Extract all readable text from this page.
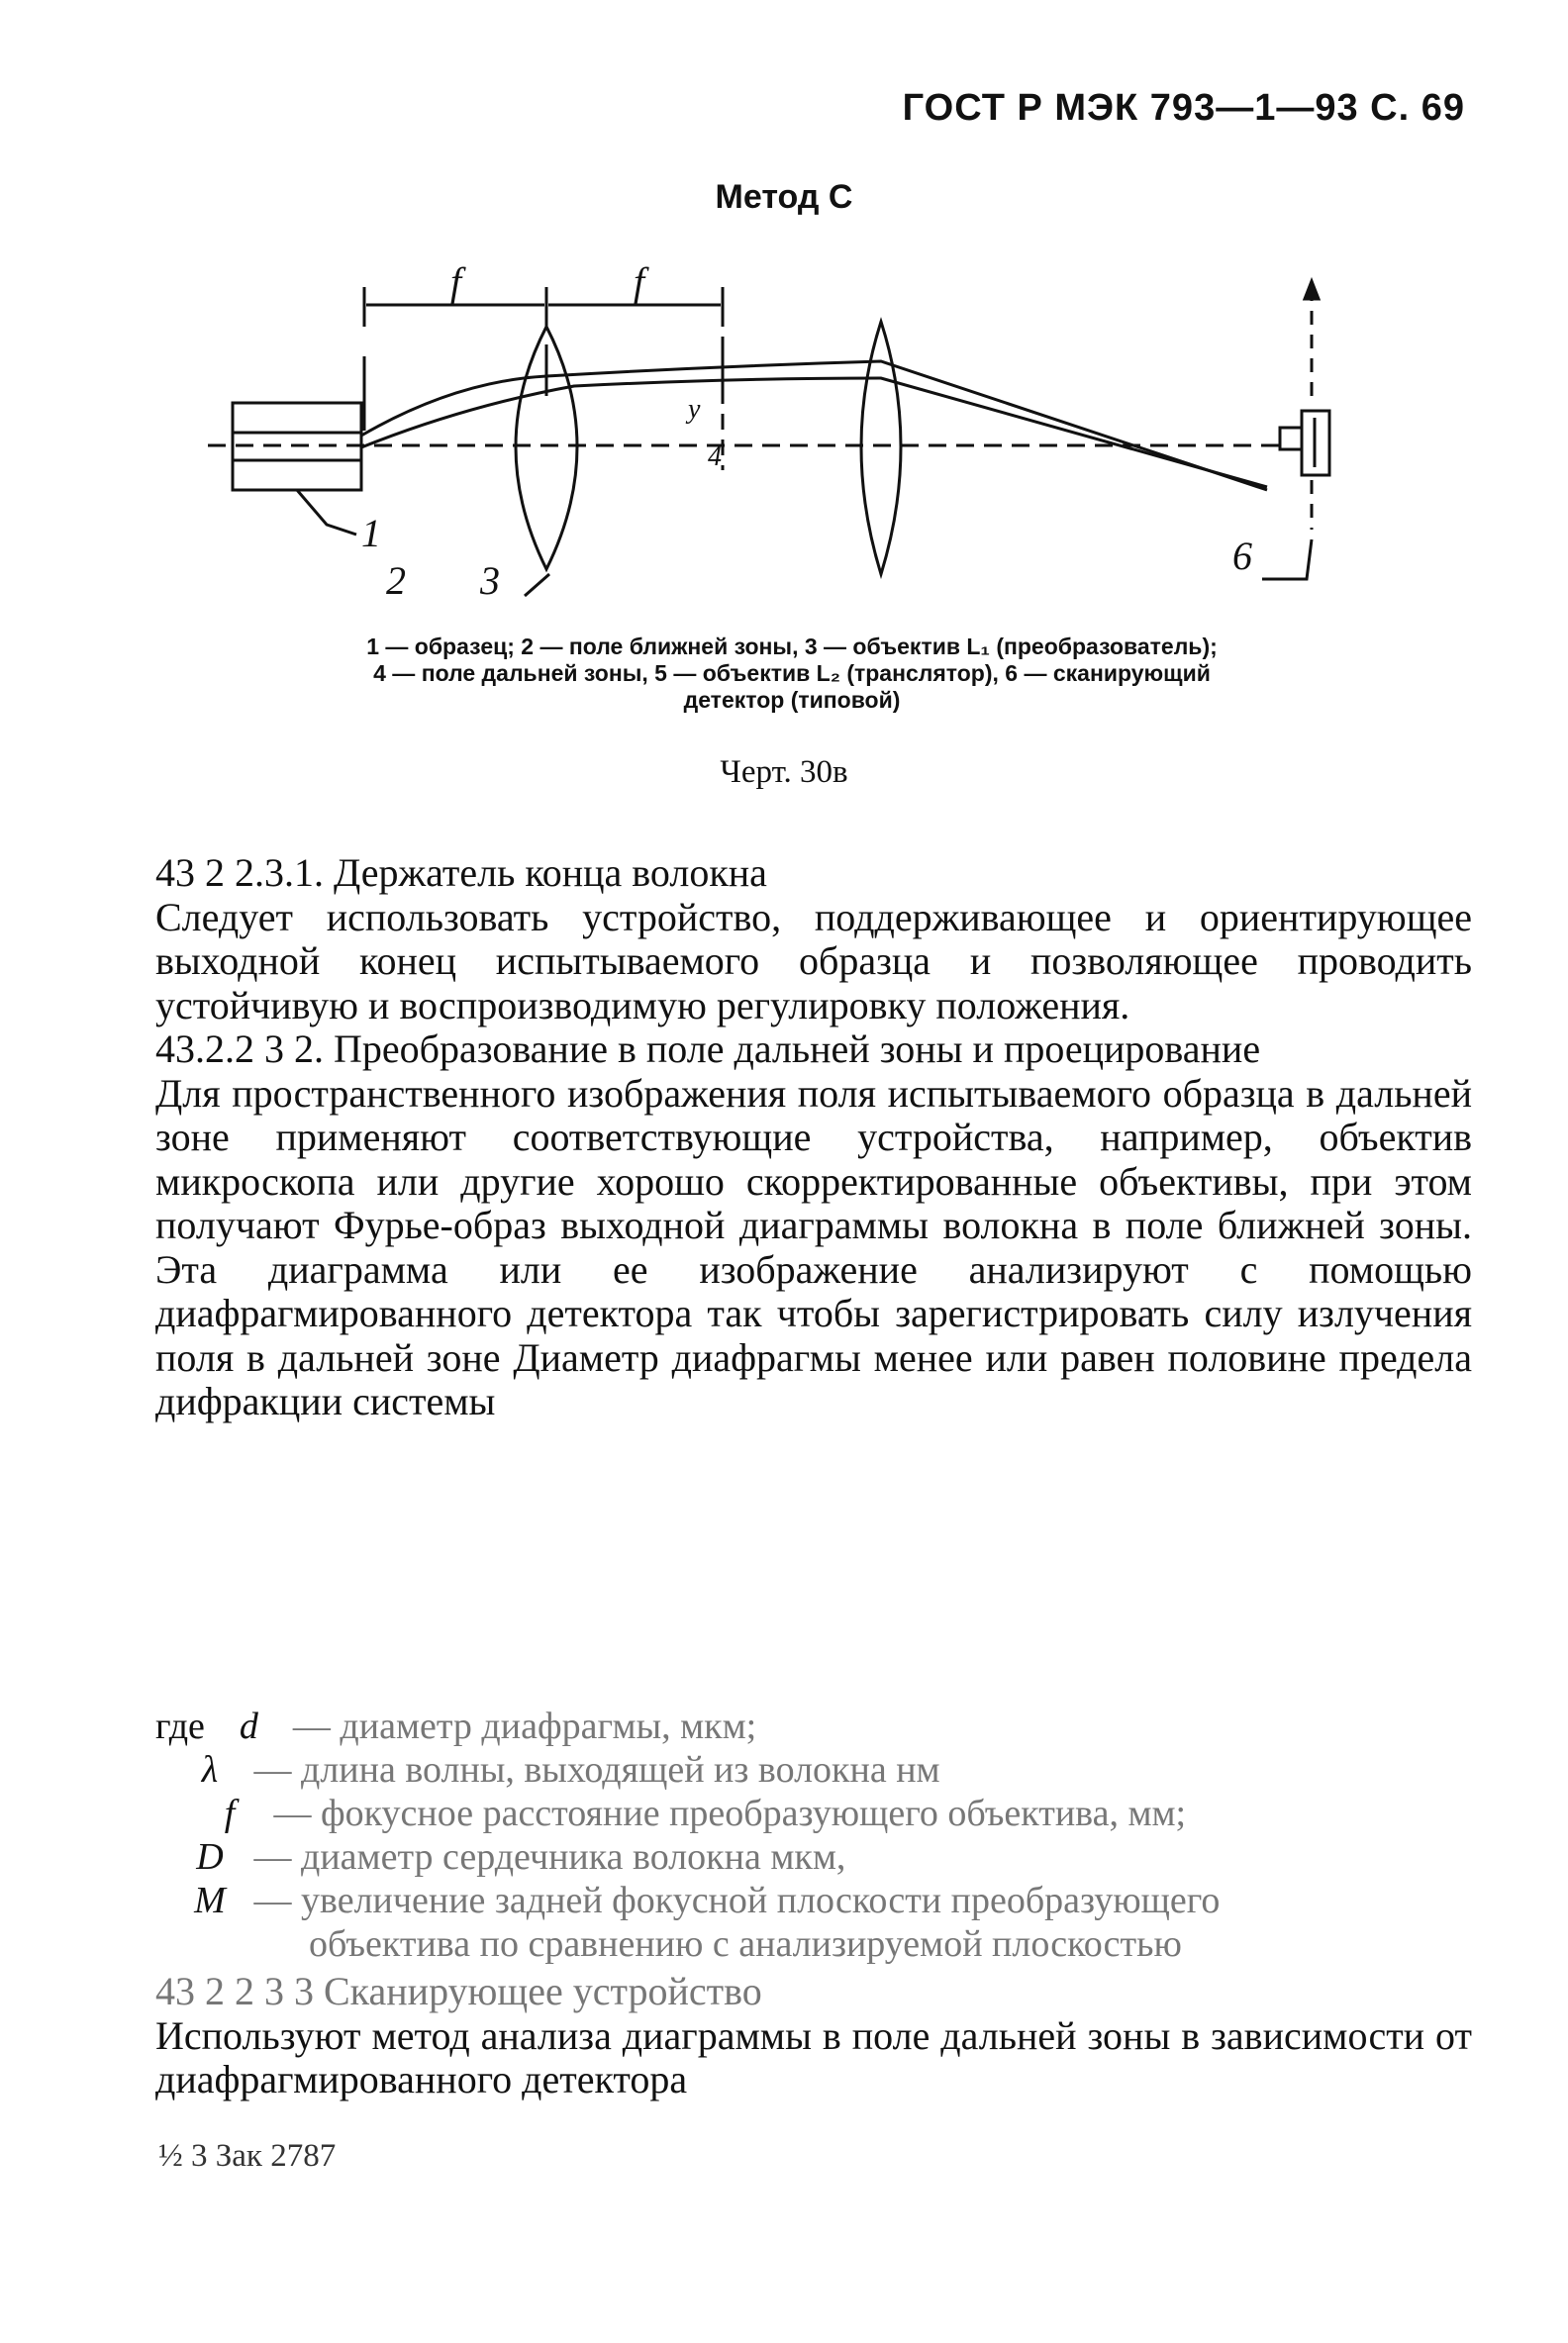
ГОСТ Р МЭК 793—1—93 С. 69
Метод С
f	f
1
2 3
4
y
6
1 — образец; 2 — поле ближней зоны, 3 — объектив L₁ (преобразователь);
4 — поле дальней зоны, 5 — объектив L₂ (транслятор), 6 — сканирующий
детектор (типовой)
Черт. 30в

43 2 2.3.1. Держатель конца волокна

Следует использовать устройство, поддерживающее и ориентирующее выходной конец испытываемого образца и позволяющее проводить устойчивую и воспроизводимую регулировку положения.

43.2.2 3 2. Преобразование в поле дальней зоны и проецирование

Для пространственного изображения поля испытываемого образца в дальней зоне применяют соответствующие устройства, например, объектив микроскопа или другие хорошо скорректированные объективы, при этом получают Фурье-образ выходной диаграммы волокна в поле ближней зоны. Эта диаграмма или ее изображение анализируют с помощью диафрагмированного детектора так чтобы зарегистрировать силу излучения поля в дальней зоне Диаметр диафрагмы менее или равен половине предела дифракции системы

где d — диаметр диафрагмы, мкм;
λ — длина волны, выходящей из волокна нм
f — фокусное расстояние преобразующего объектива, мм;
D — диаметр сердечника волокна мкм,
M — увеличение задней фокусной плоскости преобразующего
объектива по сравнению с анализируемой плоскостью

43 2 2 3 3 Сканирующее устройство

Используют метод анализа диаграммы в поле дальней зоны в зависимости от диафрагмированного детектора

½ 3 Зак 2787
